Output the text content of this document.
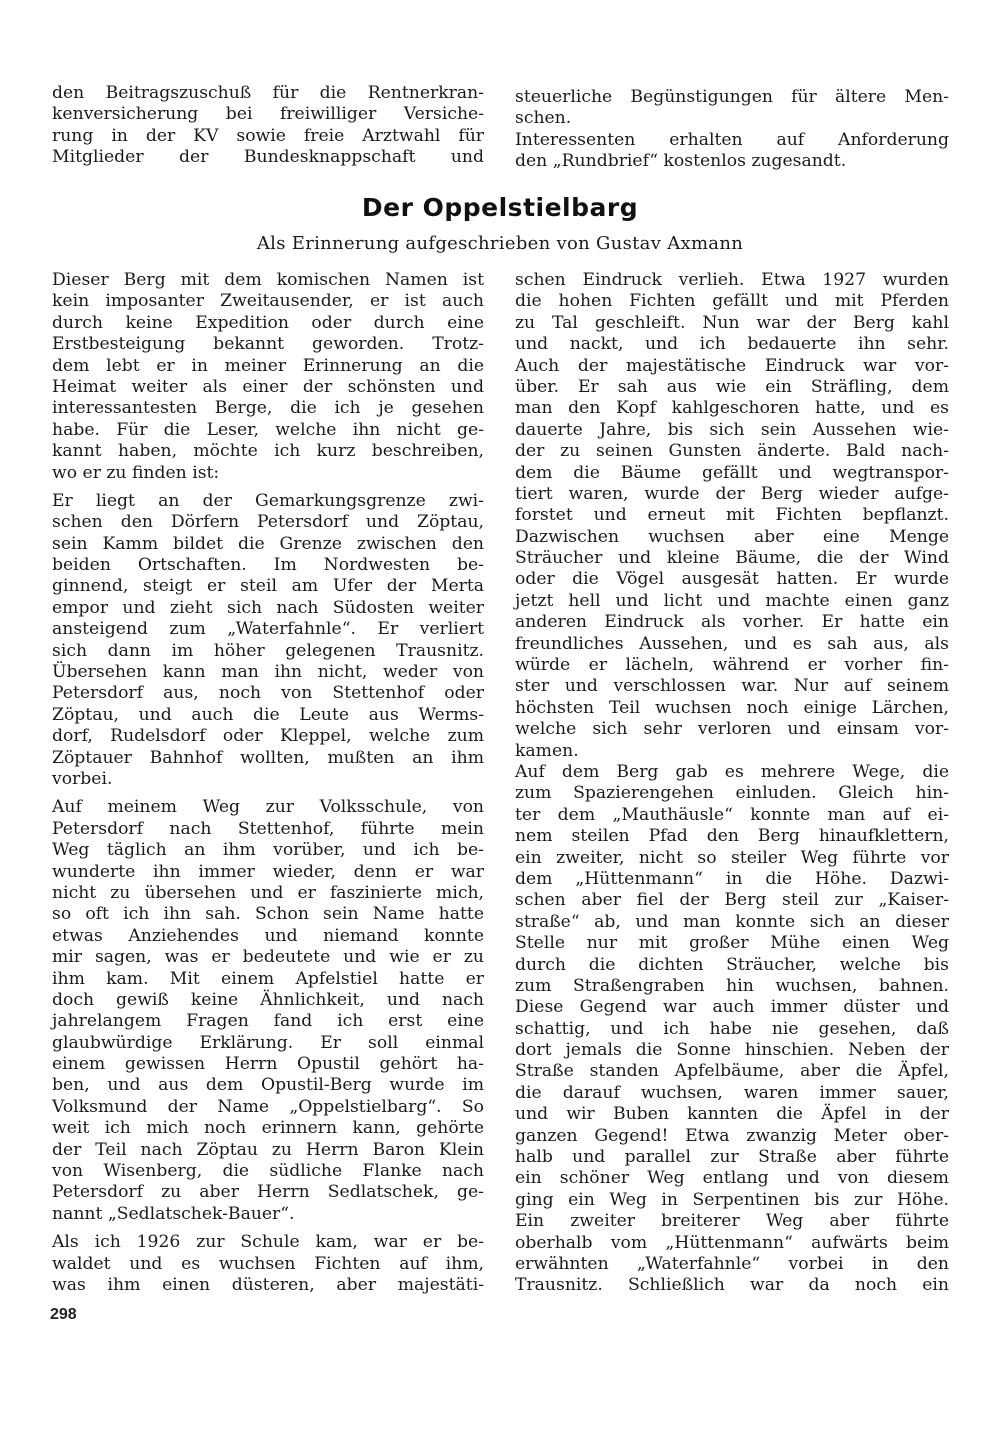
den Beitragszuschuß für die Rentnerkran-
kenversicherung bei freiwilliger Versiche-
rung in der KV sowie freie Arztwahl für
Mitglieder der Bundesknappschaft und

steuerliche Begünstigungen für ältere Men-
schen.
Interessenten erhalten auf Anforderung
den „Rundbrief“ kostenlos zugesandt.

Der Oppelstielbarg
Als Erinnerung aufgeschrieben von Gustav Axmann

Dieser Berg mit dem komischen Namen ist
kein imposanter Zweitausender, er ist auch
durch keine Expedition oder durch eine
Erstbesteigung bekannt geworden. Trotz-
dem lebt er in meiner Erinnerung an die
Heimat weiter als einer der schönsten und
interessantesten Berge, die ich je gesehen
habe. Für die Leser, welche ihn nicht ge-
kannt haben, möchte ich kurz beschreiben,
wo er zu finden ist:

Er liegt an der Gemarkungsgrenze zwi-
schen den Dörfern Petersdorf und Zöptau,
sein Kamm bildet die Grenze zwischen den
beiden Ortschaften. Im Nordwesten be-
ginnend, steigt er steil am Ufer der Merta
empor und zieht sich nach Südosten weiter
ansteigend zum „Waterfahnle“. Er verliert
sich dann im höher gelegenen Trausnitz.
Übersehen kann man ihn nicht, weder von
Petersdorf aus, noch von Stettenhof oder
Zöptau, und auch die Leute aus Werms-
dorf, Rudelsdorf oder Kleppel, welche zum
Zöptauer Bahnhof wollten, mußten an ihm
vorbei.

Auf meinem Weg zur Volksschule, von
Petersdorf nach Stettenhof, führte mein
Weg täglich an ihm vorüber, und ich be-
wunderte ihn immer wieder, denn er war
nicht zu übersehen und er faszinierte mich,
so oft ich ihn sah. Schon sein Name hatte
etwas Anziehendes und niemand konnte
mir sagen, was er bedeutete und wie er zu
ihm kam. Mit einem Apfelstiel hatte er
doch gewiß keine Ähnlichkeit, und nach
jahrelangem Fragen fand ich erst eine
glaubwürdige Erklärung. Er soll einmal
einem gewissen Herrn Opustil gehört ha-
ben, und aus dem Opustil-Berg wurde im
Volksmund der Name „Oppelstielbarg“. So
weit ich mich noch erinnern kann, gehörte
der Teil nach Zöptau zu Herrn Baron Klein
von Wisenberg, die südliche Flanke nach
Petersdorf zu aber Herrn Sedlatschek, ge-
nannt „Sedlatschek-Bauer“.

Als ich 1926 zur Schule kam, war er be-
waldet und es wuchsen Fichten auf ihm,
was ihm einen düsteren, aber majestäti-

schen Eindruck verlieh. Etwa 1927 wurden
die hohen Fichten gefällt und mit Pferden
zu Tal geschleift. Nun war der Berg kahl
und nackt, und ich bedauerte ihn sehr.
Auch der majestätische Eindruck war vor-
über. Er sah aus wie ein Sträfling, dem
man den Kopf kahlgeschoren hatte, und es
dauerte Jahre, bis sich sein Aussehen wie-
der zu seinen Gunsten änderte. Bald nach-
dem die Bäume gefällt und wegtranspor-
tiert waren, wurde der Berg wieder aufge-
forstet und erneut mit Fichten bepflanzt.
Dazwischen wuchsen aber eine Menge
Sträucher und kleine Bäume, die der Wind
oder die Vögel ausgesät hatten. Er wurde
jetzt hell und licht und machte einen ganz
anderen Eindruck als vorher. Er hatte ein
freundliches Aussehen, und es sah aus, als
würde er lächeln, während er vorher fin-
ster und verschlossen war. Nur auf seinem
höchsten Teil wuchsen noch einige Lärchen,
welche sich sehr verloren und einsam vor-
kamen.

Auf dem Berg gab es mehrere Wege, die
zum Spazierengehen einluden. Gleich hin-
ter dem „Mauthäusle“ konnte man auf ei-
nem steilen Pfad den Berg hinaufklettern,
ein zweiter, nicht so steiler Weg führte vor
dem „Hüttenmann“ in die Höhe. Dazwi-
schen aber fiel der Berg steil zur „Kaiser-
straße“ ab, und man konnte sich an dieser
Stelle nur mit großer Mühe einen Weg
durch die dichten Sträucher, welche bis
zum Straßengraben hin wuchsen, bahnen.
Diese Gegend war auch immer düster und
schattig, und ich habe nie gesehen, daß
dort jemals die Sonne hinschien. Neben der
Straße standen Apfelbäume, aber die Äpfel,
die darauf wuchsen, waren immer sauer,
und wir Buben kannten die Äpfel in der
ganzen Gegend! Etwa zwanzig Meter ober-
halb und parallel zur Straße aber führte
ein schöner Weg entlang und von diesem
ging ein Weg in Serpentinen bis zur Höhe.
Ein zweiter breiterer Weg aber führte
oberhalb vom „Hüttenmann“ aufwärts beim
erwähnten „Waterfahnle“ vorbei in den
Trausnitz. Schließlich war da noch ein

298
